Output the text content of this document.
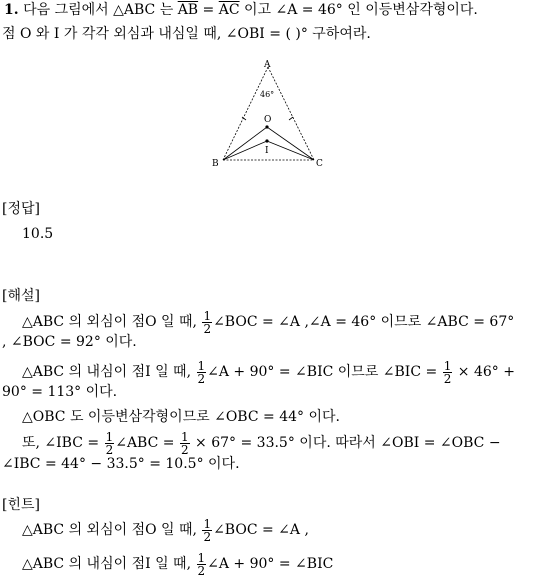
1. 다음 그림에서 △ABC 는 $\overline{AB} = \overline{AC}$ 이고 ∠A = 46° 인 이등변삼각형이다.
점 O 와 I 가 각각 외심과 내심일 때, ∠OBI = ( )° 구하여라.
A
B	C
O
I
46°
[정답]
10.5
[해설]
△ABC 의 외심이 점O 일 때, $\frac{1}{2}$ ∠BOC = ∠A ,∠A = 46° 이므로 ∠ABC = 67°
, ∠BOC = 92° 이다.
△ABC 의 내심이 점I 일 때, $\frac{1}{2}$ ∠A + 90° = ∠BIC 이므로 ∠BIC = $\frac{1}{2} \times 46^\circ$ +
90° = 113° 이다.
△OBC 도 이등변삼각형이므로 ∠OBC = 44° 이다.
또, ∠IBC = $\frac{1}{2}$ ∠ABC = $\frac{1}{2} \times 67^\circ = 33.5^\circ$ 이다. 따라서 ∠OBI = ∠OBC −
∠IBC = 44° − 33.5° = 10.5° 이다.
[힌트]
△ABC 의 외심이 점O 일 때, $\frac{1}{2}$ ∠BOC = ∠A ,
△ABC 의 내심이 점I 일 때, $\frac{1}{2}$ ∠A + 90° = ∠BIC
